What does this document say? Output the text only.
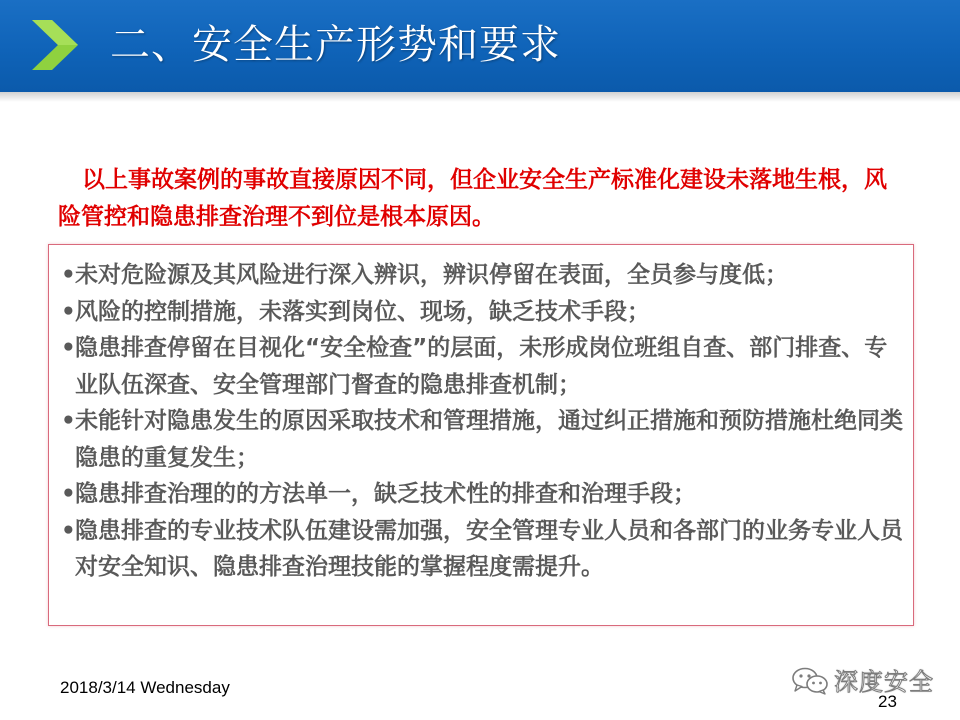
二、安全生产形势和要求
以上事故案例的事故直接原因不同，但企业安全生产标准化建设未落地生根，风险管控和隐患排查治理不到位是根本原因。
• 未对危险源及其风险进行深入辨识，辨识停留在表面，全员参与度低；
• 风险的控制措施，未落实到岗位、现场，缺乏技术手段；
• 隐患排查停留在目视化“安全检查”的层面，未形成岗位班组自查、部门排查、专业队伍深查、安全管理部门督查的隐患排查机制；
• 未能针对隐患发生的原因采取技术和管理措施，通过纠正措施和预防措施杜绝同类隐患的重复发生；
• 隐患排查治理的的方法单一，缺乏技术性的排查和治理手段；
• 隐患排查的专业技术队伍建设需加强，安全管理专业人员和各部门的业务专业人员对安全知识、隐患排查治理技能的掌握程度需提升。
2018/3/14 Wednesday	深度安全
23
